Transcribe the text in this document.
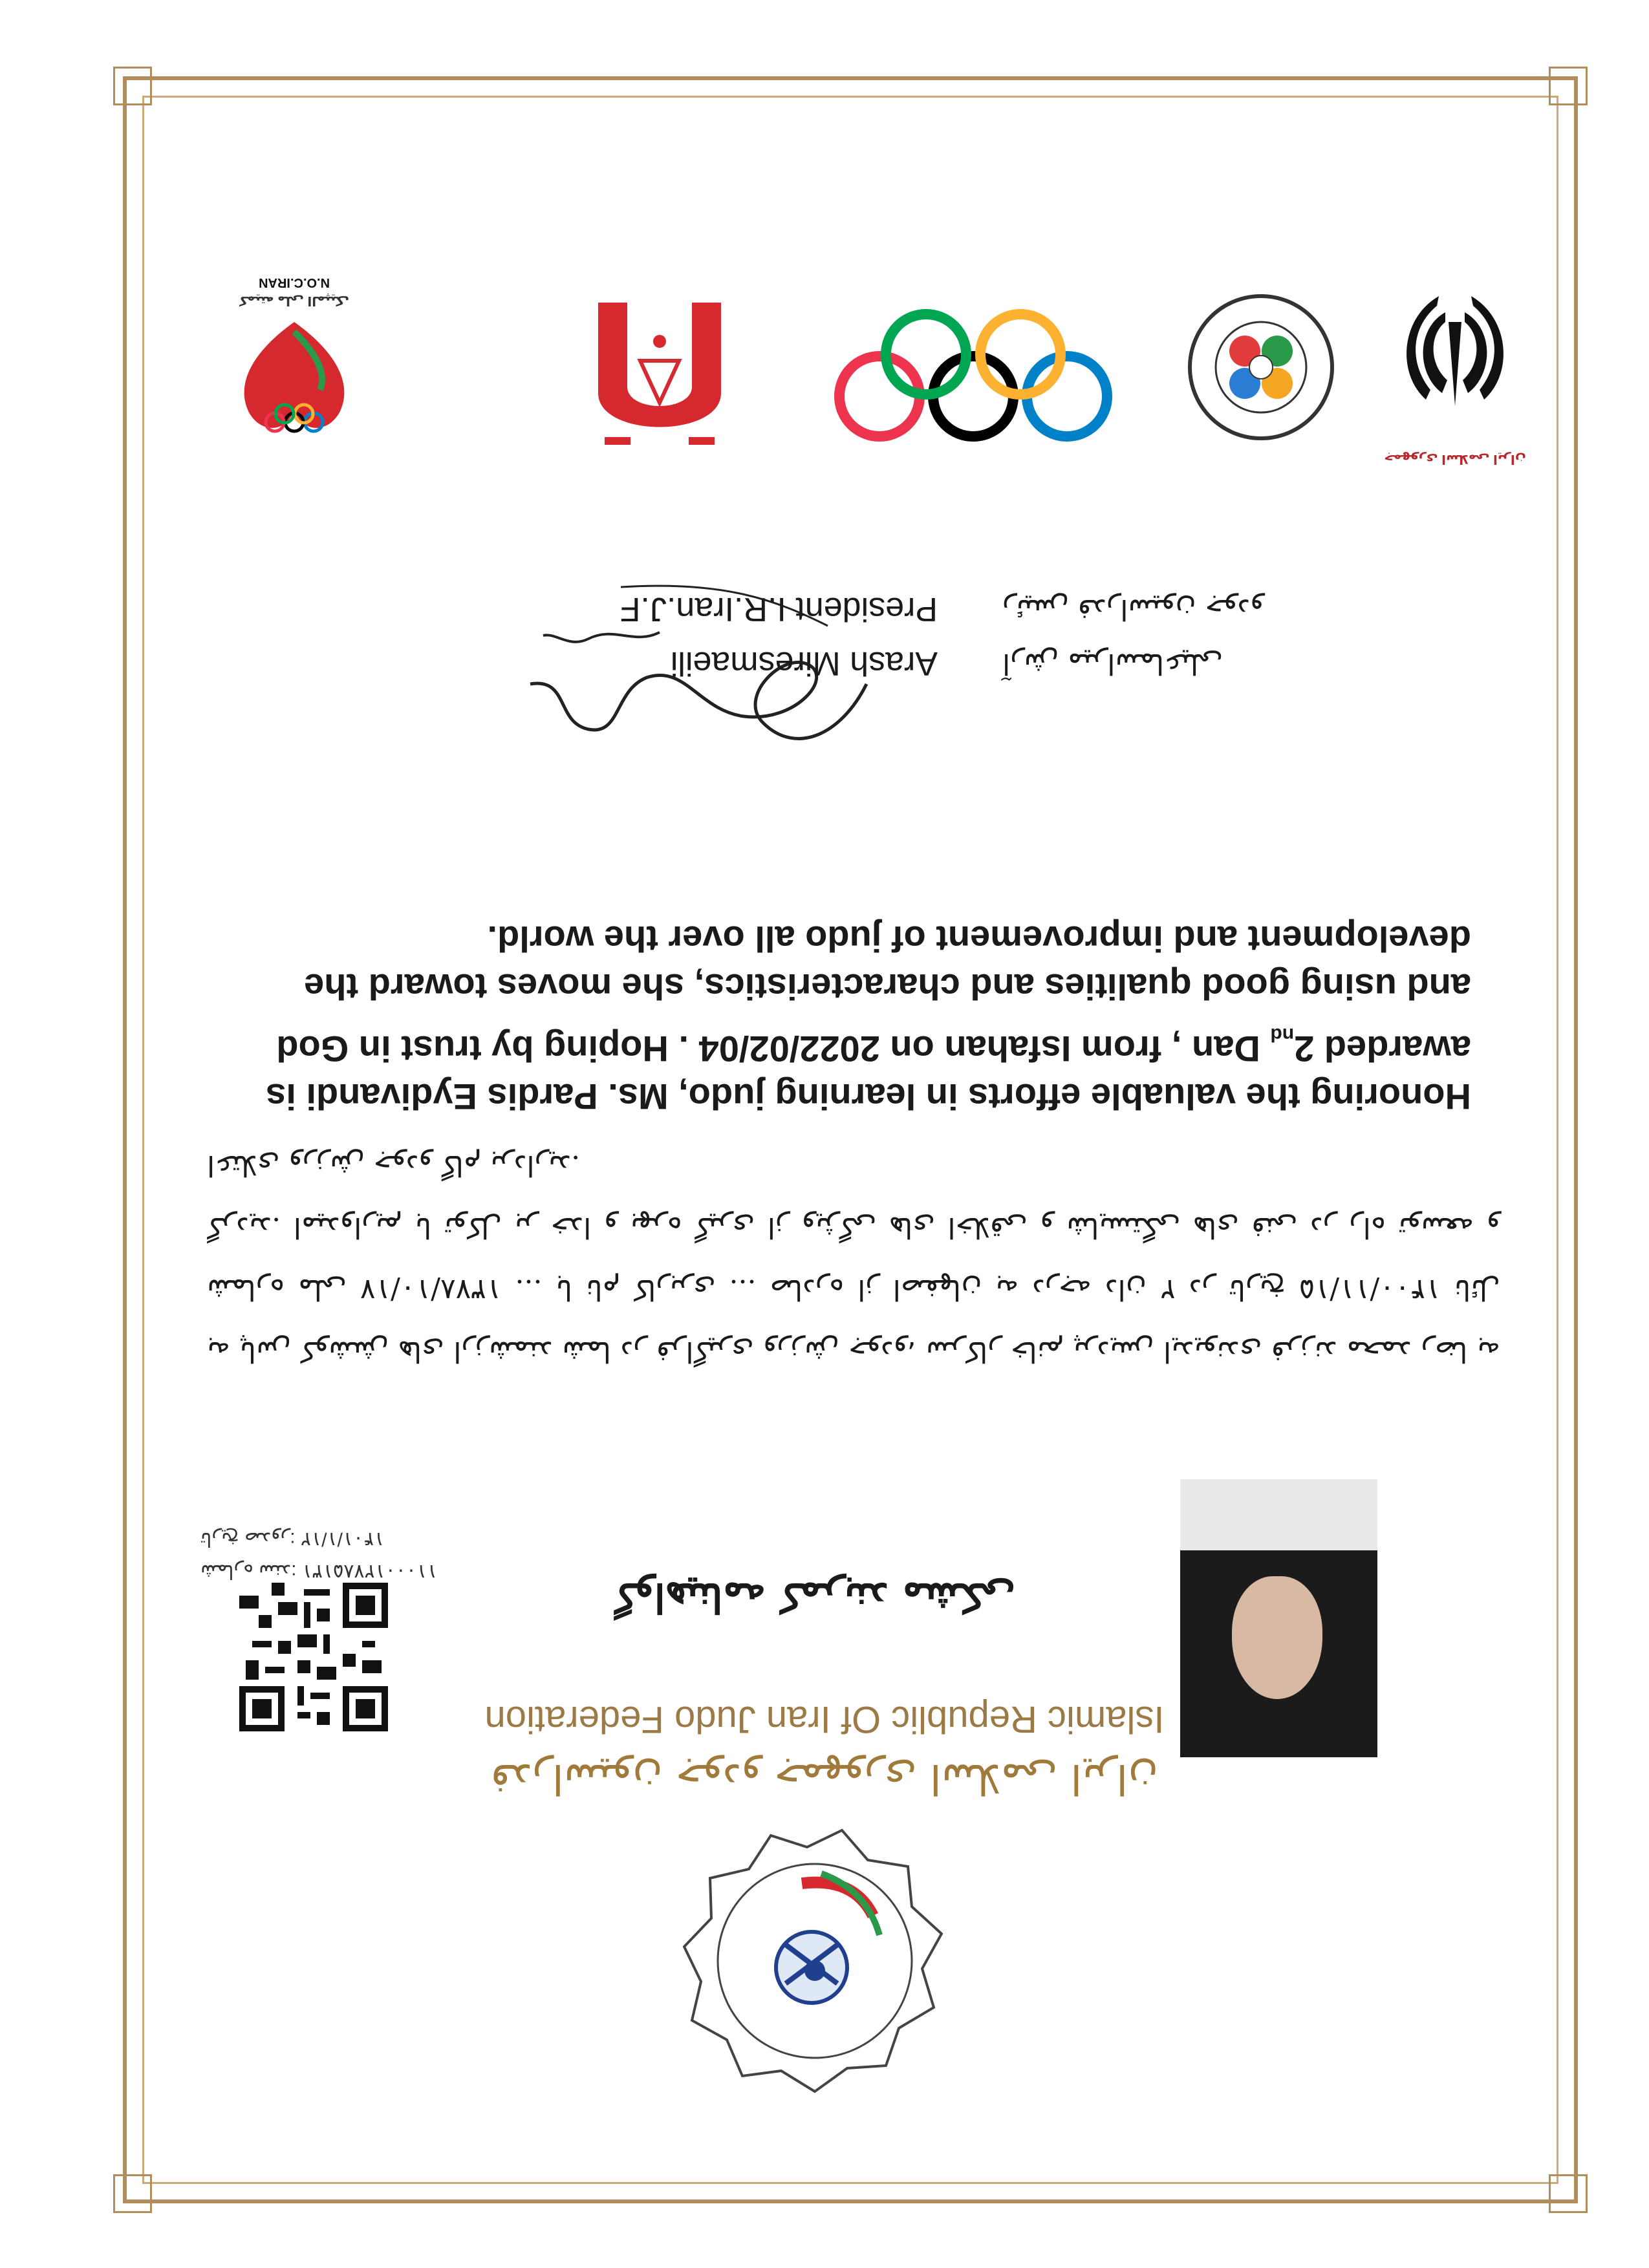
فدراسیون جودو جمهوری اسلامی ایران
Islamic Republic Of Iran Judo Federation
گواهینامه کمربند مشکی
شماره سند: ۱۱۰۰۰۱۲۷۸۵۱۳۱
تاریخ صدور: ۱۴۰۱/۱/۱۲
به پاس کوشش های ارزشمند شما در فراگیری ورزش جودو، سرکار خانم پردیس ایدیوندی فرزند محمد رضا به شماره ملی ۱۳۷۸/۱۰/۱۷ ... با نام کاربری ... صادره از اصفهان به درجه دان ۲ در تاریخ ۱۴۰۰/۱۱/۱۵ نائل گردید. امیدواریم با توکل بر خدا و بهره گیری از ویژگی های اخلاقی و شایستگی های فنی در راه توسعه و اعتلای ورزش جودو گام بردارید.
Honoring the valuable efforts in learning judo, Ms. Pardis Eydivandi is awarded $2_{nd}$ Dan , from Isfahan on 2022/02/04 . Hoping by trust in God and using good qualities and characteristics, she moves toward the development and improvement of judo all over the world.
Arash Miresmaeili
President I.R.Iran.J.F
آرش میراسماعیلی
رئیس فدراسیون جودو
جمهوری اسلامی ایران
کمیته ملی المپیک
N.O.C.IRAN
